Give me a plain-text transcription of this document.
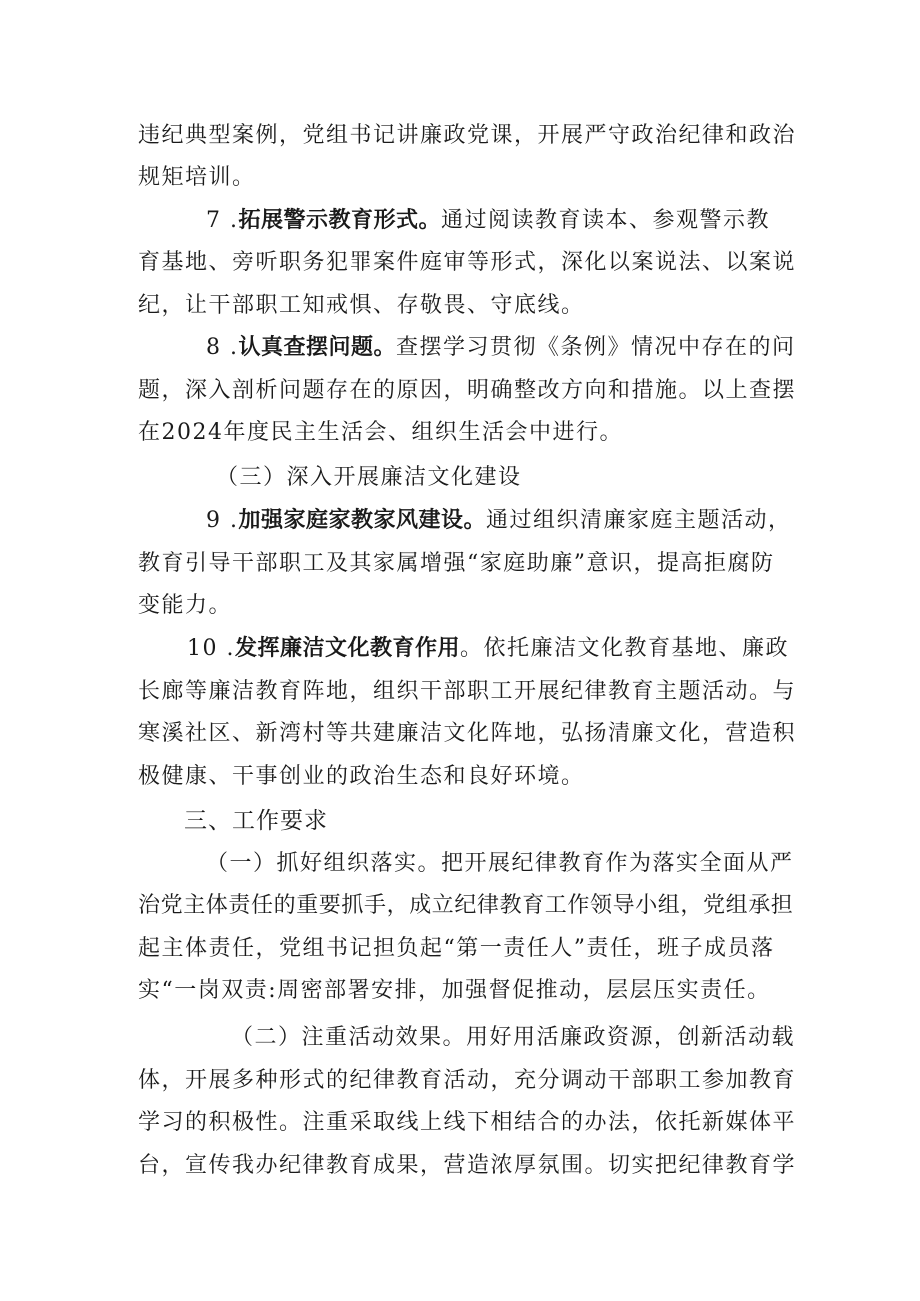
违纪典型案例，党组书记讲廉政党课，开展严守政治纪律和政治
规矩培训。
7 .拓展警示教育形式。通过阅读教育读本、参观警示教
育基地、旁听职务犯罪案件庭审等形式，深化以案说法、以案说
纪，让干部职工知戒惧、存敬畏、守底线。
8 .认真查摆问题。查摆学习贯彻《条例》情况中存在的问
题，深入剖析问题存在的原因，明确整改方向和措施。以上查摆
在2024年度民主生活会、组织生活会中进行。
（三）深入开展廉洁文化建设
9 .加强家庭家教家风建设。通过组织清廉家庭主题活动，
教育引导干部职工及其家属增强“家庭助廉”意识，提高拒腐防
变能力。
10 .发挥廉洁文化教育作用。依托廉洁文化教育基地、廉政
长廊等廉洁教育阵地，组织干部职工开展纪律教育主题活动。与
寒溪社区、新湾村等共建廉洁文化阵地，弘扬清廉文化，营造积
极健康、干事创业的政治生态和良好环境。
三、工作要求
（一）抓好组织落实。把开展纪律教育作为落实全面从严
治党主体责任的重要抓手，成立纪律教育工作领导小组，党组承担
起主体责任，党组书记担负起“第一责任人”责任，班子成员落
实“一岗双责:周密部署安排，加强督促推动，层层压实责任。
（二）注重活动效果。用好用活廉政资源，创新活动载
体，开展多种形式的纪律教育活动，充分调动干部职工参加教育
学习的积极性。注重采取线上线下相结合的办法，依托新媒体平
台，宣传我办纪律教育成果，营造浓厚氛围。切实把纪律教育学
